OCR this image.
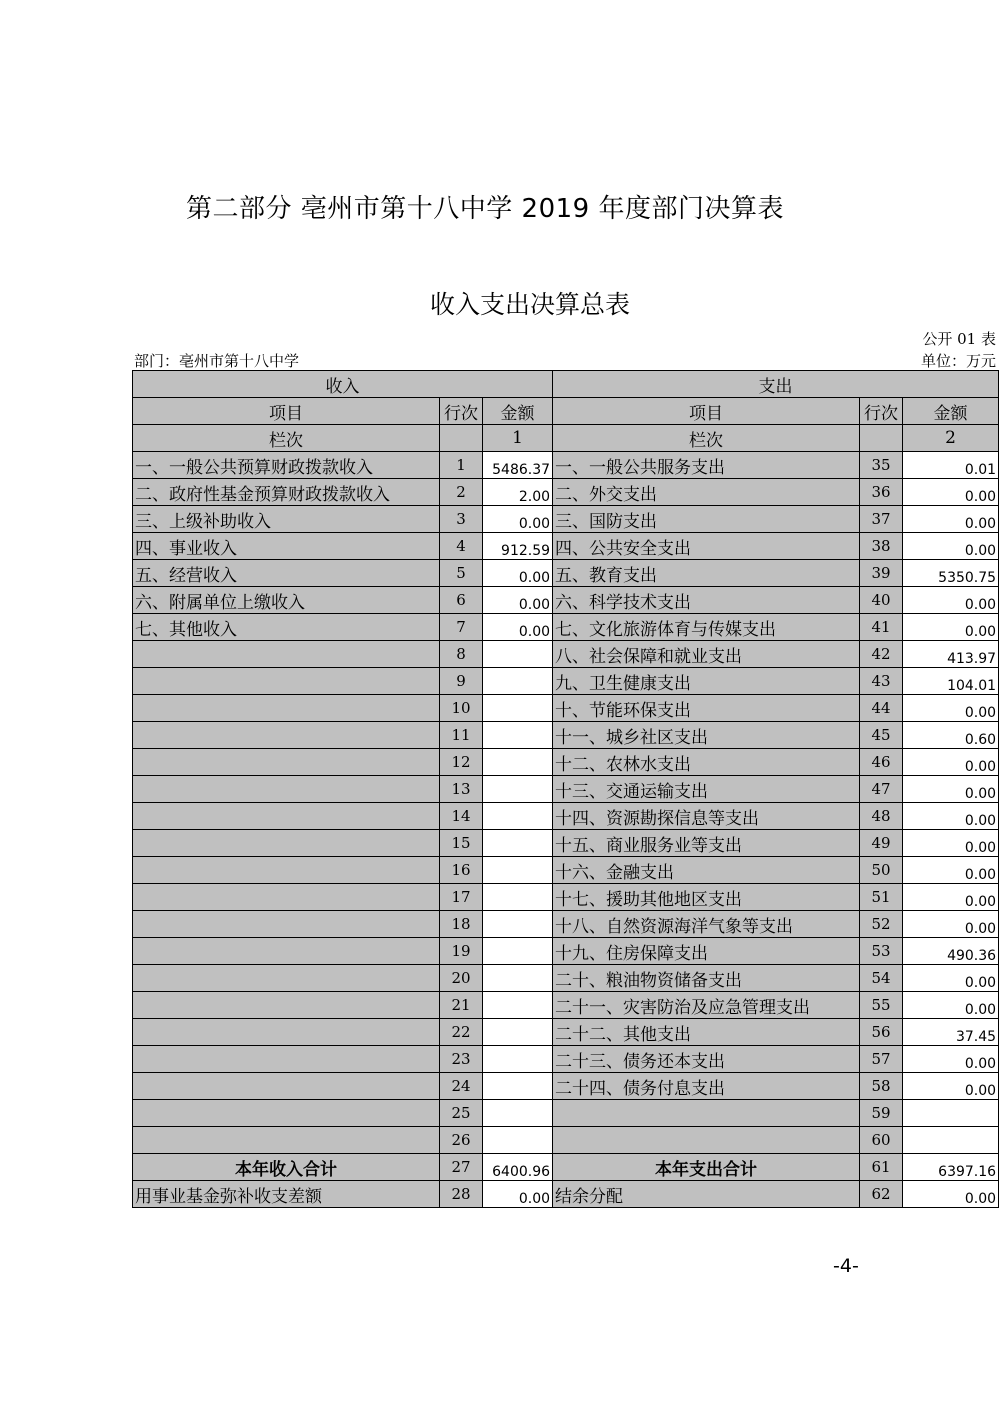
第二部分 亳州市第十八中学 2019 年度部门决算表
收入支出决算总表
公开 01 表
部门：亳州市第十八中学	单位：万元
收入			支出		
项目	行次	金额	项目	行次	金额
栏次		1	栏次		2
一、一般公共预算财政拨款收入	1	5486.37	一、一般公共服务支出	35	0.01
二、政府性基金预算财政拨款收入	2	2.00	二、外交支出	36	0.00
三、上级补助收入	3	0.00	三、国防支出	37	0.00
四、事业收入	4	912.59	四、公共安全支出	38	0.00
五、经营收入	5	0.00	五、教育支出	39	5350.75
六、附属单位上缴收入	6	0.00	六、科学技术支出	40	0.00
七、其他收入	7	0.00	七、文化旅游体育与传媒支出	41	0.00
	8		八、社会保障和就业支出	42	413.97
	9		九、卫生健康支出	43	104.01
	10		十、节能环保支出	44	0.00
	11		十一、城乡社区支出	45	0.60
	12		十二、农林水支出	46	0.00
	13		十三、交通运输支出	47	0.00
	14		十四、资源勘探信息等支出	48	0.00
	15		十五、商业服务业等支出	49	0.00
	16		十六、金融支出	50	0.00
	17		十七、援助其他地区支出	51	0.00
	18		十八、自然资源海洋气象等支出	52	0.00
	19		十九、住房保障支出	53	490.36
	20		二十、粮油物资储备支出	54	0.00
	21		二十一、灾害防治及应急管理支出	55	0.00
	22		二十二、其他支出	56	37.45
	23		二十三、债务还本支出	57	0.00
	24		二十四、债务付息支出	58	0.00
	25			59	
	26			60	
本年收入合计	27	6400.96	本年支出合计	61	6397.16
用事业基金弥补收支差额	28	0.00	结余分配	62	0.00
-4-
